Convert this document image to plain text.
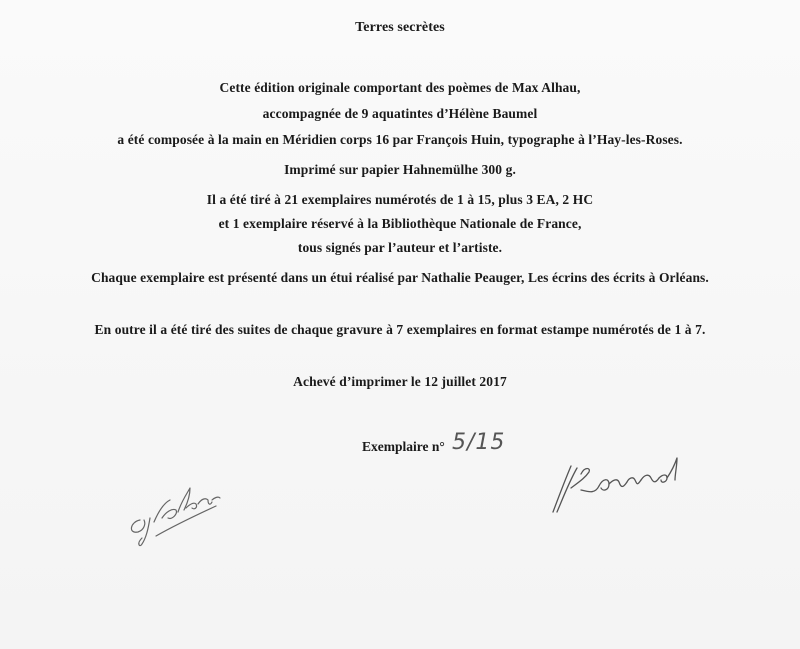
Terres secrètes
Cette édition originale comportant des poèmes de Max Alhau,
accompagnée de 9 aquatintes d’Hélène Baumel
a été composée à la main en Méridien corps 16 par François Huin, typographe à l’Hay-les-Roses.
Imprimé sur papier Hahnemülhe 300 g.
Il a été tiré à 21 exemplaires numérotés de 1 à 15, plus 3 EA, 2 HC
et 1 exemplaire réservé à la Bibliothèque Nationale de France,
tous signés par l’auteur et l’artiste.
Chaque exemplaire est présenté dans un étui réalisé par Nathalie Peauger, Les écrins des écrits à Orléans.
En outre il a été tiré des suites de chaque gravure à 7 exemplaires en format estampe numérotés de 1 à 7.
Achevé d’imprimer le 12 juillet 2017
Exemplaire n° 5/15
